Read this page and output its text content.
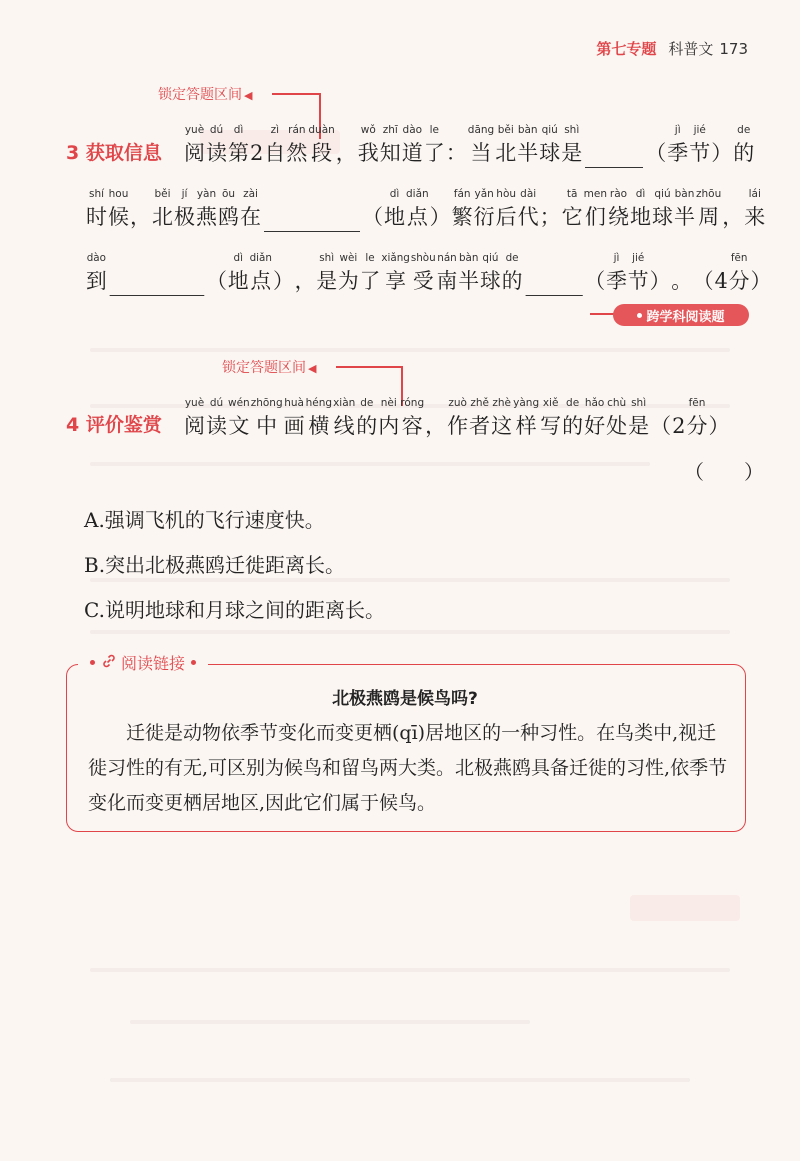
第七专题 科普文 173
锁定答题区间 ◀
3 获取信息
yuè
阅
dú
读
dì
第 2
zì
自
rán
然
duàn
段 ，
wǒ
我
zhī
知
dào
道
le
了 ：
dāng
当
běi
北
bàn
半
qiú
球
shì
是	（
jì
季
jié
节 ）
de
的
shí
时
hou
候 ，
běi
北
jí
极
yàn
燕
ōu
鸥
zài
在	（
dì
地
diǎn
点 ）
fán
繁
yǎn
衍
hòu
后
dài
代 ；
tā
它
men
们
rào
绕
dì
地
qiú
球
bàn
半
zhōu
周 ，
lái
来
dào
到	（
dì
地
diǎn
点 ） ，
shì
是
wèi
为
le
了
xiǎng
享
shòu
受
nán
南
bàn
半
qiú
球
de
的	（
jì
季
jié
节 ） 。 （ 4
fēn
分 ）
跨学科阅读题
锁定答题区间 ◀
4 评价鉴赏
yuè
阅
dú
读
wén
文
zhōng
中
huà
画
héng
横
xiàn
线
de
的
nèi
内
róng
容 ，
zuò
作
zhě
者
zhè
这
yàng
样
xiě
写
de
的
hǎo
好
chù
处
shì
是 （ 2
fēn
分 ）
（　　）
A.强调飞机的飞行速度快。
B.突出北极燕鸥迁徙距离长。
C.说明地球和月球之间的距离长。
阅读链接
北极燕鸥是候鸟吗?

迁徙是动物依季节变化而变更栖(qī)居地区的一种习性。在鸟类中,视迁徙习性的有无,可区别为候鸟和留鸟两大类。北极燕鸥具备迁徙的习性,依季节变化而变更栖居地区,因此它们属于候鸟。
